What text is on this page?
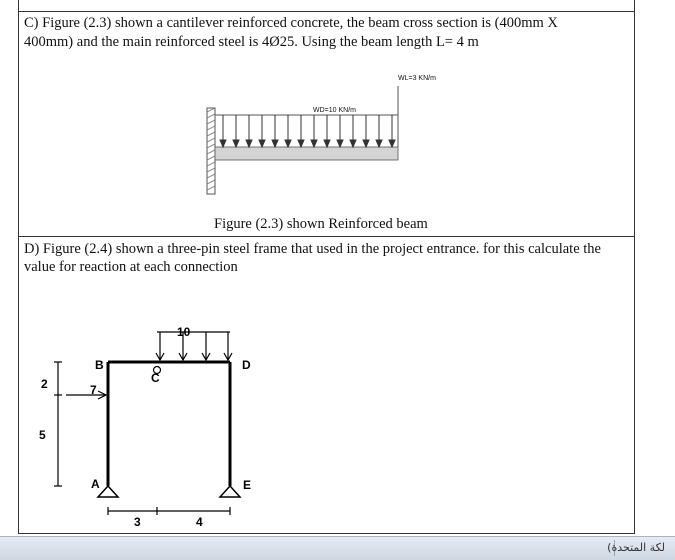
C) Figure (2.3) shown a cantilever reinforced concrete, the beam cross section is (400mm X

400mm) and the main reinforced steel is 4Ø25. Using the beam length L= 4 m

WL=3 KN/m
WD=10 KN/m
Figure (2.3) shown Reinforced beam

D) Figure (2.4) shown a three-pin steel frame that used in the project entrance. for this calculate the

value for reaction at each connection

10
7
2
5
3	4
A
B
C
D
E
لكة المتحدة)
